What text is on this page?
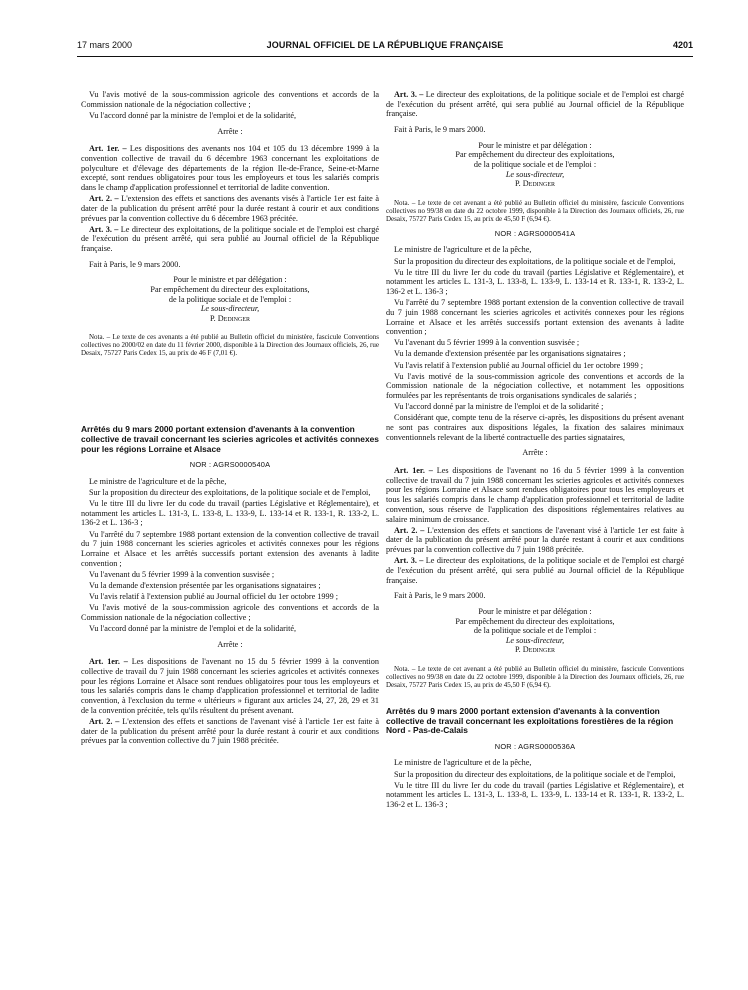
17 mars 2000	JOURNAL OFFICIEL DE LA RÉPUBLIQUE FRANÇAISE	4201

Vu l'avis motivé de la sous-commission agricole des conventions et accords de la Commission nationale de la négociation collective ;

Vu l'accord donné par la ministre de l'emploi et de la solidarité,

Arrête :

Art. 1er. – Les dispositions des avenants nos 104 et 105 du 13 décembre 1999 à la convention collective de travail du 6 décembre 1963 concernant les exploitations de polyculture et d'élevage des départements de la région Ile-de-France, Seine-et-Marne excepté, sont rendues obligatoires pour tous les employeurs et tous les salariés compris dans le champ d'application professionnel et territorial de ladite convention.

Art. 2. – L'extension des effets et sanctions des avenants visés à l'article 1er est faite à dater de la publication du présent arrêté pour la durée restant à courir et aux conditions prévues par la convention collective du 6 décembre 1963 précitée.

Art. 3. – Le directeur des exploitations, de la politique sociale et de l'emploi est chargé de l'exécution du présent arrêté, qui sera publié au Journal officiel de la République française.

Fait à Paris, le 9 mars 2000.

Pour le ministre et par délégation :

Par empêchement du directeur des exploitations,

de la politique sociale et de l'emploi :

Le sous-directeur,

P. Dedinger

Nota. – Le texte de ces avenants a été publié au Bulletin officiel du ministère, fascicule Conventions collectives no 2000/02 en date du 11 février 2000, disponible à la Direction des Journaux officiels, 26, rue Desaix, 75727 Paris Cedex 15, au prix de 46 F (7,01 €).

Arrêtés du 9 mars 2000 portant extension d'avenants à la convention collective de travail concernant les scieries agricoles et activités connexes pour les régions Lorraine et Alsace

NOR : AGRS0000540A

Le ministre de l'agriculture et de la pêche,

Sur la proposition du directeur des exploitations, de la politique sociale et de l'emploi,

Vu le titre III du livre Ier du code du travail (parties Législative et Réglementaire), et notamment les articles L. 131-3, L. 133-8, L. 133-9, L. 133-14 et R. 133-1, R. 133-2, L. 136-2 et L. 136-3 ;

Vu l'arrêté du 7 septembre 1988 portant extension de la convention collective de travail du 7 juin 1988 concernant les scieries agricoles et activités connexes pour les régions Lorraine et Alsace et les arrêtés successifs portant extension des avenants à ladite convention ;

Vu l'avenant du 5 février 1999 à la convention susvisée ;

Vu la demande d'extension présentée par les organisations signataires ;

Vu l'avis relatif à l'extension publié au Journal officiel du 1er octobre 1999 ;

Vu l'avis motivé de la sous-commission agricole des conventions et accords de la Commission nationale de la négociation collective ;

Vu l'accord donné par la ministre de l'emploi et de la solidarité,

Arrête :

Art. 1er. – Les dispositions de l'avenant no 15 du 5 février 1999 à la convention collective de travail du 7 juin 1988 concernant les scieries agricoles et activités connexes pour les régions Lorraine et Alsace sont rendues obligatoires pour tous les employeurs et tous les salariés compris dans le champ d'application professionnel et territorial de ladite convention, à l'exclusion du terme « ultérieurs » figurant aux articles 24, 27, 28, 29 et 31 de la convention précitée, tels qu'ils résultent du présent avenant.

Art. 2. – L'extension des effets et sanctions de l'avenant visé à l'article 1er est faite à dater de la publication du présent arrêté pour la durée restant à courir et aux conditions prévues par la convention collective du 7 juin 1988 précitée.

Art. 3. – Le directeur des exploitations, de la politique sociale et de l'emploi est chargé de l'exécution du présent arrêté, qui sera publié au Journal officiel de la République française.

Fait à Paris, le 9 mars 2000.

Pour le ministre et par délégation :

Par empêchement du directeur des exploitations,

de la politique sociale et de l'emploi :

Le sous-directeur,

P. Dedinger

Nota. – Le texte de cet avenant a été publié au Bulletin officiel du ministère, fascicule Conventions collectives no 99/38 en date du 22 octobre 1999, disponible à la Direction des Journaux officiels, 26, rue Desaix, 75727 Paris Cedex 15, au prix de 45,50 F (6,94 €).

NOR : AGRS0000541A

Le ministre de l'agriculture et de la pêche,

Sur la proposition du directeur des exploitations, de la politique sociale et de l'emploi,

Vu le titre III du livre Ier du code du travail (parties Législative et Réglementaire), et notamment les articles L. 131-3, L. 133-8, L. 133-9, L. 133-14 et R. 133-1, R. 133-2, L. 136-2 et L. 136-3 ;

Vu l'arrêté du 7 septembre 1988 portant extension de la convention collective de travail du 7 juin 1988 concernant les scieries agricoles et activités connexes pour les régions Lorraine et Alsace et les arrêtés successifs portant extension des avenants à ladite convention ;

Vu l'avenant du 5 février 1999 à la convention susvisée ;

Vu la demande d'extension présentée par les organisations signataires ;

Vu l'avis relatif à l'extension publié au Journal officiel du 1er octobre 1999 ;

Vu l'avis motivé de la sous-commission agricole des conventions et accords de la Commission nationale de la négociation collective, et notamment les oppositions formulées par les représentants de trois organisations syndicales de salariés ;

Vu l'accord donné par la ministre de l'emploi et de la solidarité ;

Considérant que, compte tenu de la réserve ci-après, les dispositions du présent avenant ne sont pas contraires aux dispositions légales, la fixation des salaires minimaux conventionnels relevant de la liberté contractuelle des parties signataires,

Arrête :

Art. 1er. – Les dispositions de l'avenant no 16 du 5 février 1999 à la convention collective de travail du 7 juin 1988 concernant les scieries agricoles et activités connexes pour les régions Lorraine et Alsace sont rendues obligatoires pour tous les employeurs et tous les salariés compris dans le champ d'application professionnel et territorial de ladite convention, sous réserve de l'application des dispositions réglementaires relatives au salaire minimum de croissance.

Art. 2. – L'extension des effets et sanctions de l'avenant visé à l'article 1er est faite à dater de la publication du présent arrêté pour la durée restant à courir et aux conditions prévues par la convention collective du 7 juin 1988 précitée.

Art. 3. – Le directeur des exploitations, de la politique sociale et de l'emploi est chargé de l'exécution du présent arrêté, qui sera publié au Journal officiel de la République française.

Fait à Paris, le 9 mars 2000.

Pour le ministre et par délégation :

Par empêchement du directeur des exploitations,

de la politique sociale et de l'emploi :

Le sous-directeur,

P. Dedinger

Nota. – Le texte de cet avenant a été publié au Bulletin officiel du ministère, fascicule Conventions collectives no 99/38 en date du 22 octobre 1999, disponible à la Direction des Journaux officiels, 26, rue Desaix, 75727 Paris Cedex 15, au prix de 45,50 F (6,94 €).

Arrêtés du 9 mars 2000 portant extension d'avenants à la convention collective de travail concernant les exploitations forestières de la région Nord - Pas-de-Calais

NOR : AGRS0000536A

Le ministre de l'agriculture et de la pêche,

Sur la proposition du directeur des exploitations, de la politique sociale et de l'emploi,

Vu le titre III du livre Ier du code du travail (parties Législative et Réglementaire), et notamment les articles L. 131-3, L. 133-8, L. 133-9, L. 133-14 et R. 133-1, R. 133-2, L. 136-2 et L. 136-3 ;
